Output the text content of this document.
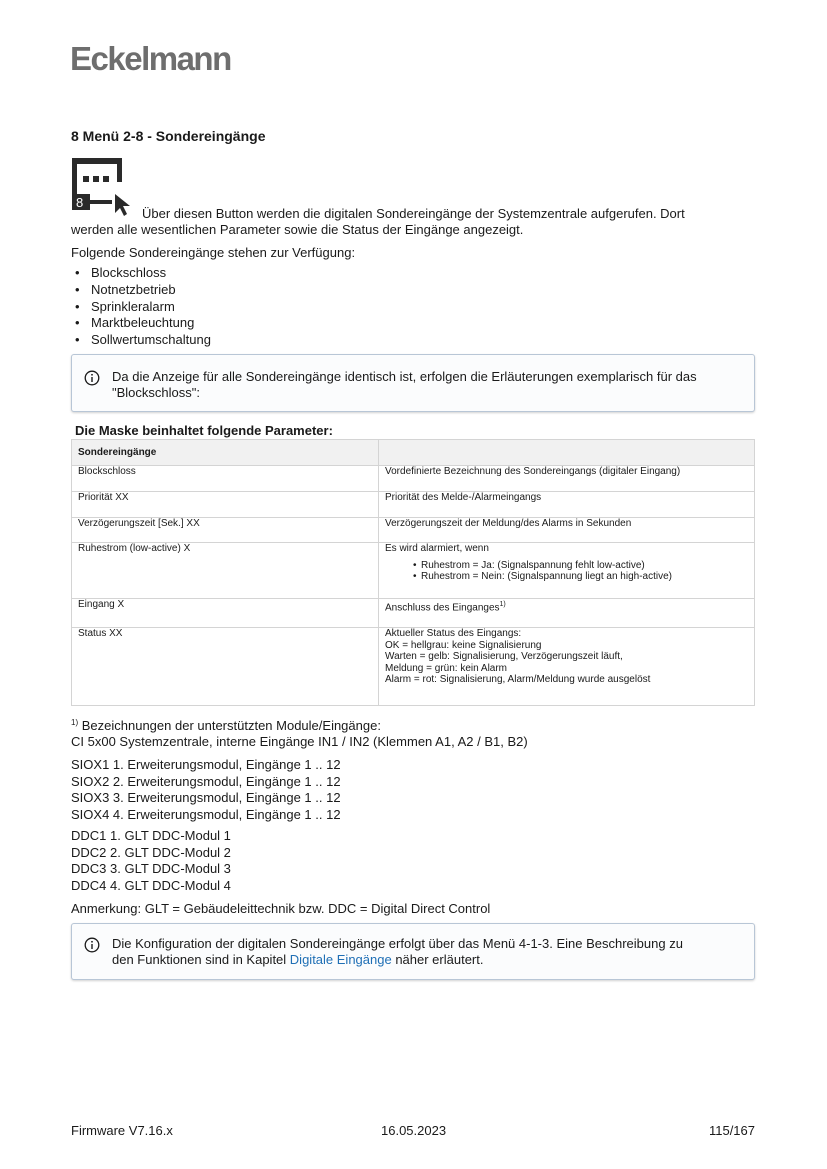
Eckelmann
8 Menü 2-8 - Sondereingänge
8
Über diesen Button werden die digitalen Sondereingänge der Systemzentrale aufgerufen. Dort
werden alle wesentlichen Parameter sowie die Status der Eingänge angezeigt.
Folgende Sondereingänge stehen zur Verfügung:
• Blockschloss
• Notnetzbetrieb
• Sprinkleralarm
• Marktbeleuchtung
• Sollwertumschaltung
Da die Anzeige für alle Sondereingänge identisch ist, erfolgen die Erläuterungen exemplarisch für das
"Blockschloss":
Die Maske beinhaltet folgende Parameter:
Sondereingänge	
Blockschloss	Vordefinierte Bezeichnung des Sondereingangs (digitaler Eingang)
Priorität XX	Priorität des Melde-/Alarmeingangs
Verzögerungszeit [Sek.] XX	Verzögerungszeit der Meldung/des Alarms in Sekunden
Ruhestrom (low-active) X	Es wird alarmiert, wenn
• Ruhestrom = Ja: (Signalspannung fehlt low-active)
• Ruhestrom = Nein: (Signalspannung liegt an high-active)

Eingang X	Anschluss des Einganges$^{1)}$
Status XX	Aktueller Status des Eingangs:
OK = hellgrau: keine Signalisierung
Warten = gelb: Signalisierung, Verzögerungszeit läuft,
Meldung = grün: kein Alarm
Alarm = rot: Signalisierung, Alarm/Meldung wurde ausgelöst
$^{1)}$ Bezeichnungen der unterstützten Module/Eingänge:
CI 5x00 Systemzentrale, interne Eingänge IN1 / IN2 (Klemmen A1, A2 / B1, B2)
SIOX1 1. Erweiterungsmodul, Eingänge 1 .. 12
SIOX2 2. Erweiterungsmodul, Eingänge 1 .. 12
SIOX3 3. Erweiterungsmodul, Eingänge 1 .. 12
SIOX4 4. Erweiterungsmodul, Eingänge 1 .. 12
DDC1 1. GLT DDC-Modul 1
DDC2 2. GLT DDC-Modul 2
DDC3 3. GLT DDC-Modul 3
DDC4 4. GLT DDC-Modul 4
Anmerkung: GLT = Gebäudeleittechnik bzw. DDC = Digital Direct Control
Die Konfiguration der digitalen Sondereingänge erfolgt über das Menü 4-1-3. Eine Beschreibung zu
den Funktionen sind in Kapitel Digitale Eingänge näher erläutert.
Firmware V7.16.x	16.05.2023	115/167
